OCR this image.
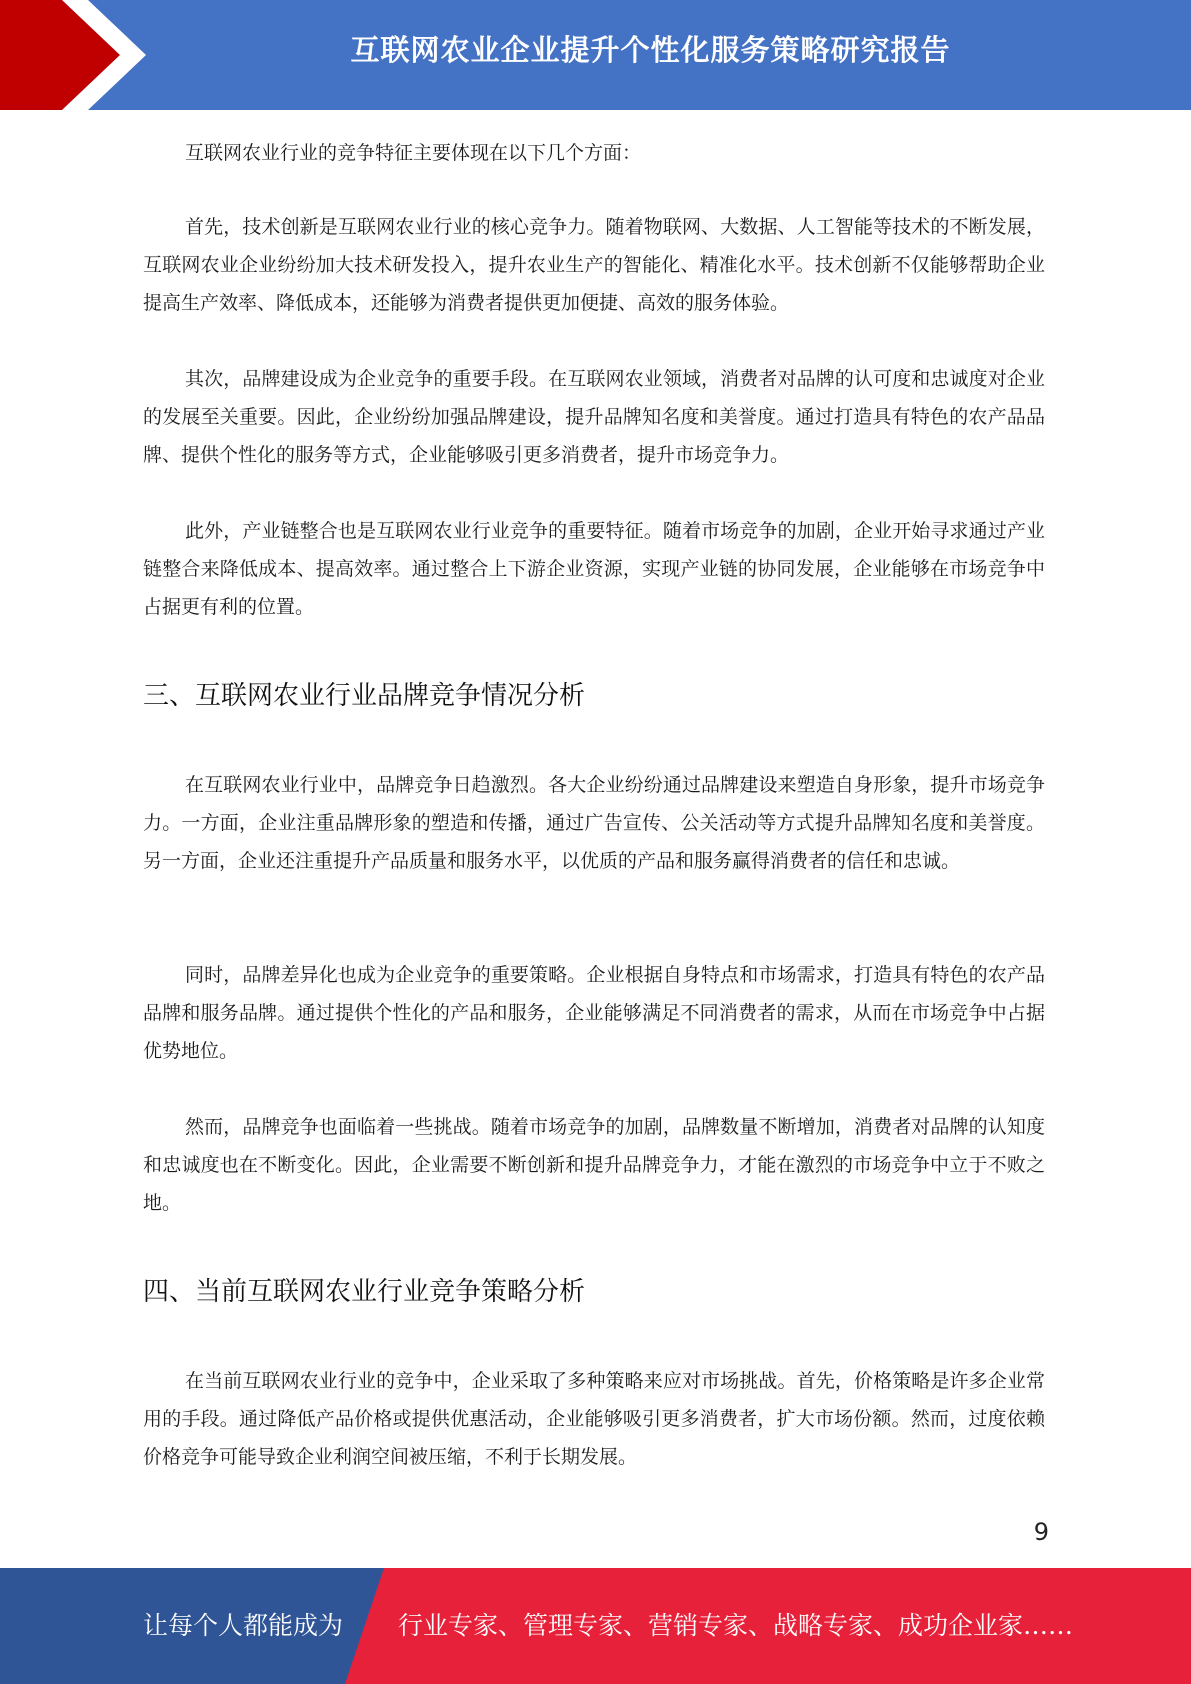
互联网农业企业提升个性化服务策略研究报告

互联网农业行业的竞争特征主要体现在以下几个方面：

首先，技术创新是互联网农业行业的核心竞争力。随着物联网、大数据、人工智能等技术的不断发展，互联网农业企业纷纷加大技术研发投入，提升农业生产的智能化、精准化水平。技术创新不仅能够帮助企业提高生产效率、降低成本，还能够为消费者提供更加便捷、高效的服务体验。

其次，品牌建设成为企业竞争的重要手段。在互联网农业领域，消费者对品牌的认可度和忠诚度对企业的发展至关重要。因此，企业纷纷加强品牌建设，提升品牌知名度和美誉度。通过打造具有特色的农产品品牌、提供个性化的服务等方式，企业能够吸引更多消费者，提升市场竞争力。

此外，产业链整合也是互联网农业行业竞争的重要特征。随着市场竞争的加剧，企业开始寻求通过产业链整合来降低成本、提高效率。通过整合上下游企业资源，实现产业链的协同发展，企业能够在市场竞争中占据更有利的位置。

三、互联网农业行业品牌竞争情况分析

在互联网农业行业中，品牌竞争日趋激烈。各大企业纷纷通过品牌建设来塑造自身形象，提升市场竞争力。一方面，企业注重品牌形象的塑造和传播，通过广告宣传、公关活动等方式提升品牌知名度和美誉度。另一方面，企业还注重提升产品质量和服务水平，以优质的产品和服务赢得消费者的信任和忠诚。

同时，品牌差异化也成为企业竞争的重要策略。企业根据自身特点和市场需求，打造具有特色的农产品品牌和服务品牌。通过提供个性化的产品和服务，企业能够满足不同消费者的需求，从而在市场竞争中占据优势地位。

然而，品牌竞争也面临着一些挑战。随着市场竞争的加剧，品牌数量不断增加，消费者对品牌的认知度和忠诚度也在不断变化。因此，企业需要不断创新和提升品牌竞争力，才能在激烈的市场竞争中立于不败之地。

四、当前互联网农业行业竞争策略分析

在当前互联网农业行业的竞争中，企业采取了多种策略来应对市场挑战。首先，价格策略是许多企业常用的手段。通过降低产品价格或提供优惠活动，企业能够吸引更多消费者，扩大市场份额。然而，过度依赖价格竞争可能导致企业利润空间被压缩，不利于长期发展。

9
让每个人都能成为 行业专家、管理专家、营销专家、战略专家、成功企业家……
